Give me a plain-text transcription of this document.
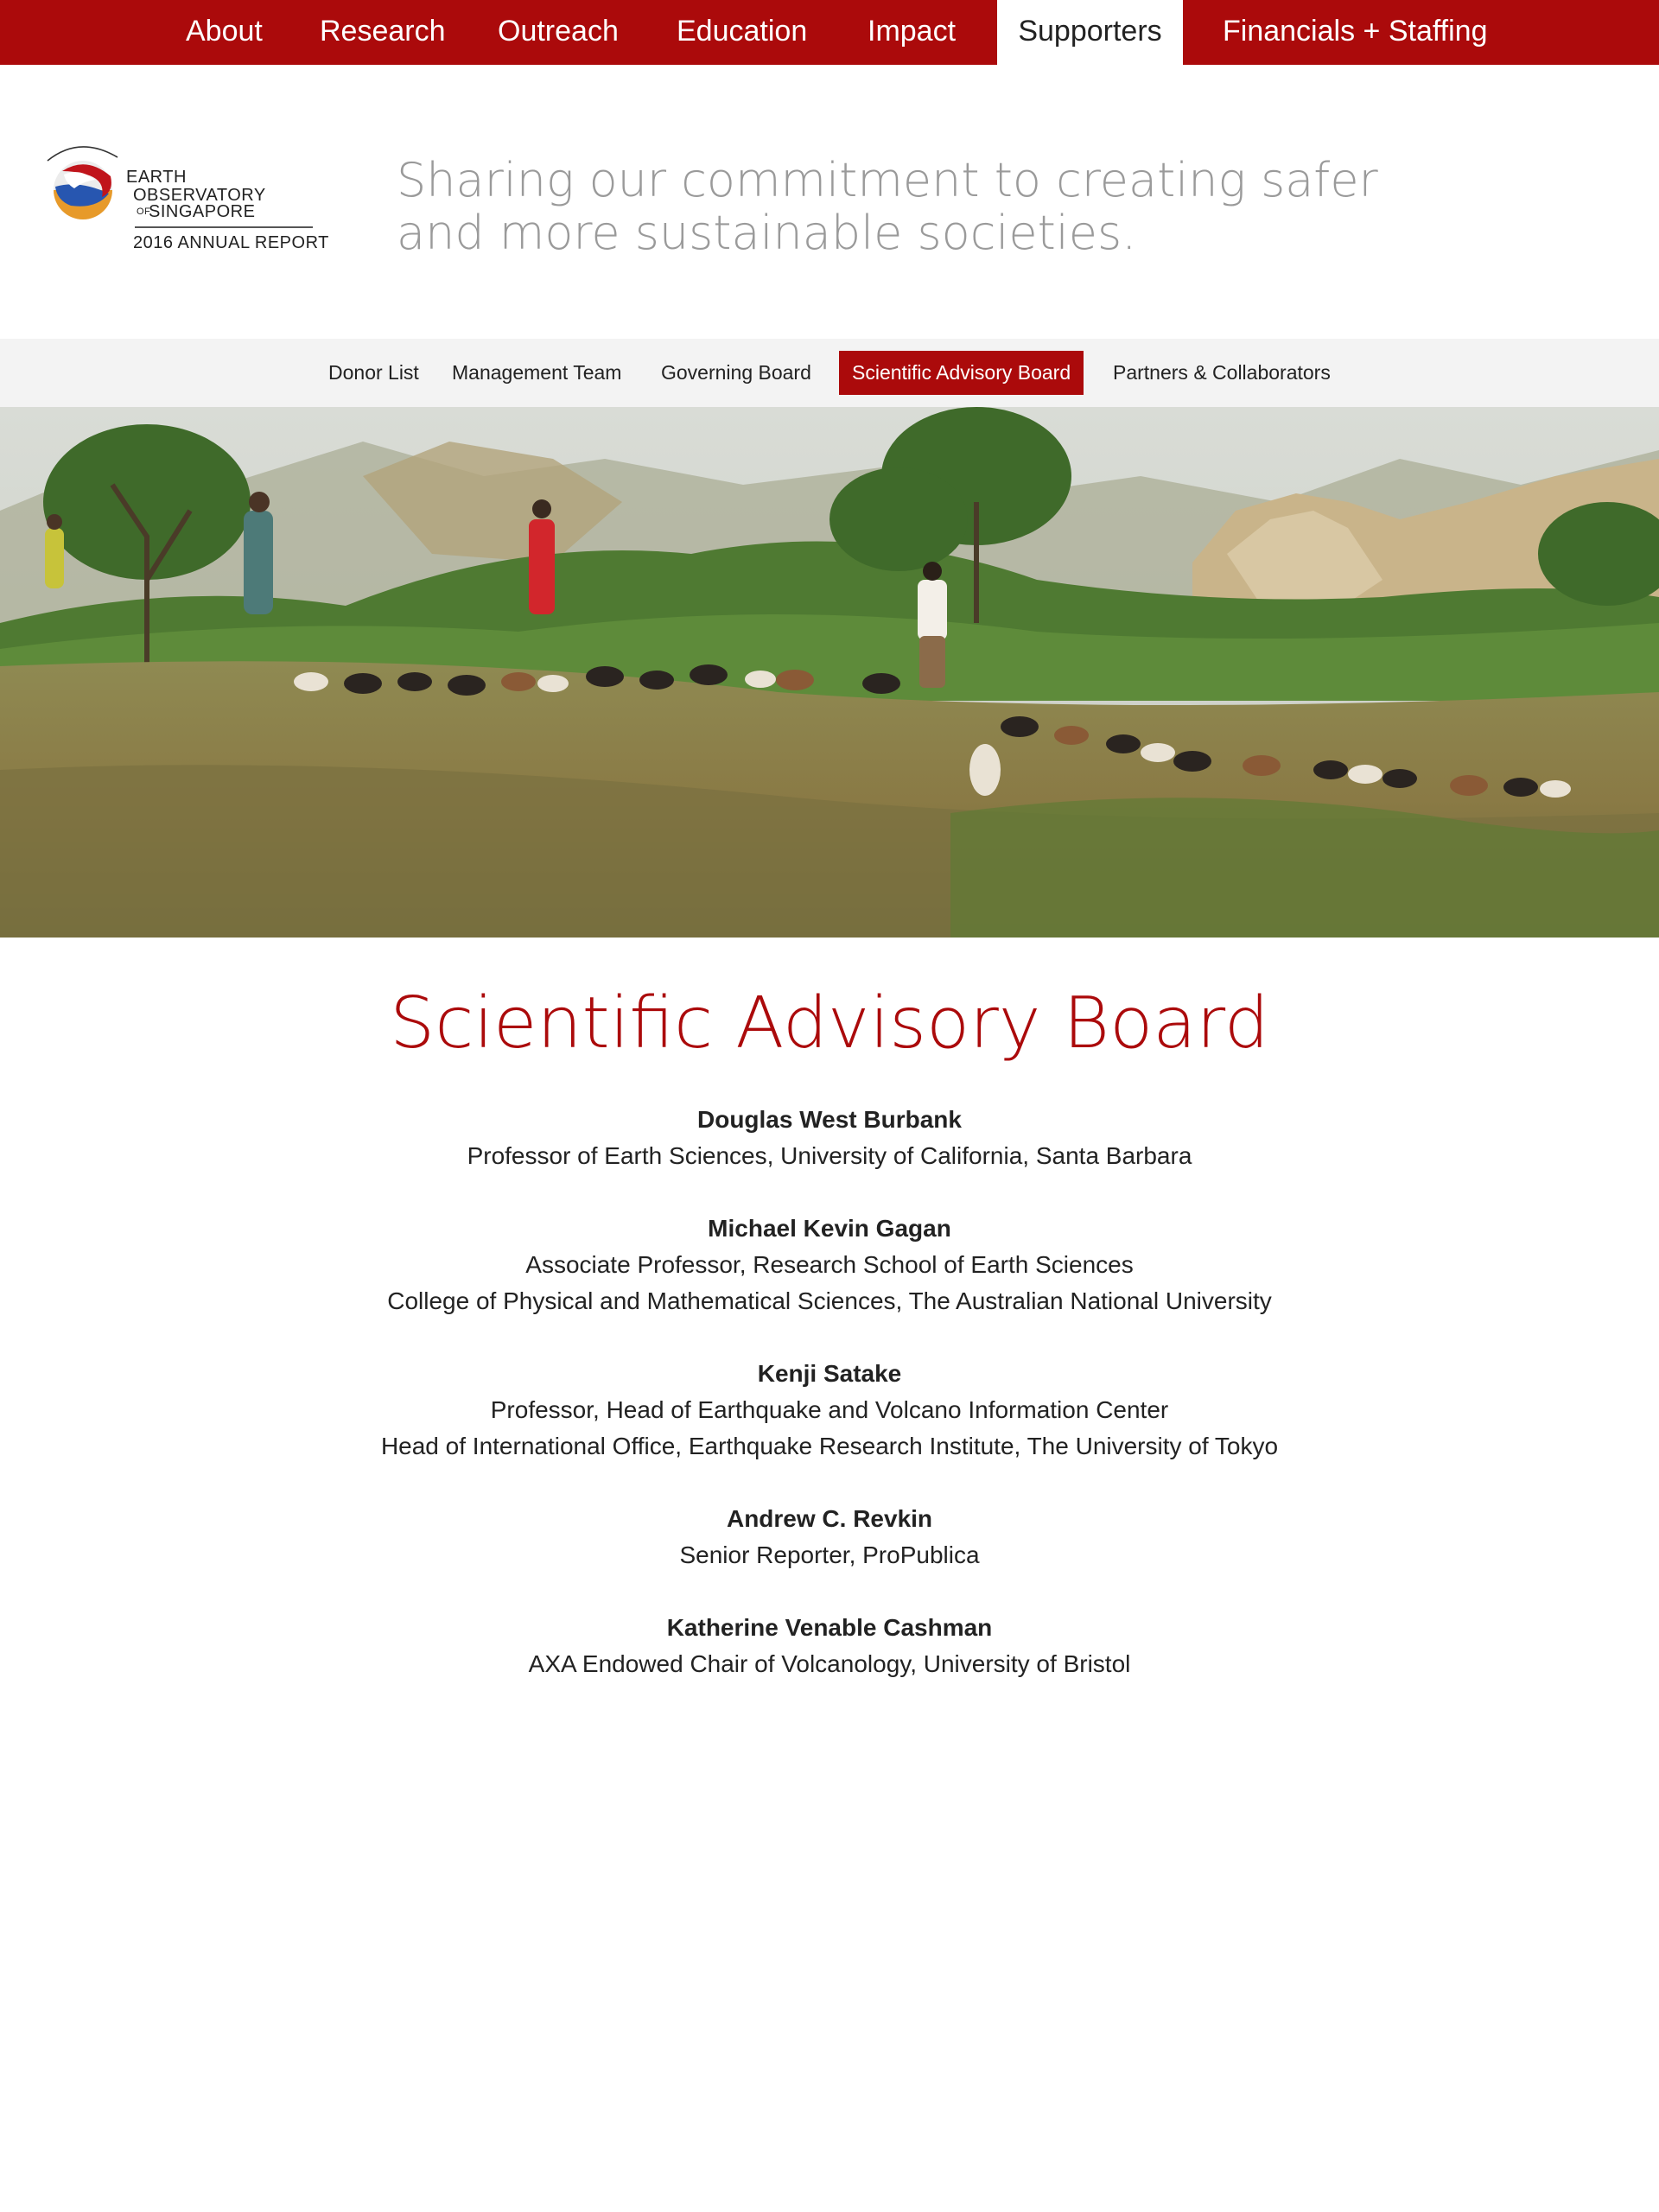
About Research Outreach Education Impact	Supporters	Financials + Staffing
EARTH
OBSERVATORY
OF
SINGAPORE
2016 ANNUAL REPORT
Sharing our commitment to creating safer and more sustainable societies.
Donor List Management Team Governing Board	Scientific Advisory Board	Partners & Collaborators
Scientific Advisory Board
Douglas West Burbank
Professor of Earth Sciences, University of California, Santa Barbara
Michael Kevin Gagan
Associate Professor, Research School of Earth Sciences
College of Physical and Mathematical Sciences, The Australian National University
Kenji Satake
Professor, Head of Earthquake and Volcano Information Center
Head of International Office, Earthquake Research Institute, The University of Tokyo
Andrew C. Revkin
Senior Reporter, ProPublica
Katherine Venable Cashman
AXA Endowed Chair of Volcanology, University of Bristol
